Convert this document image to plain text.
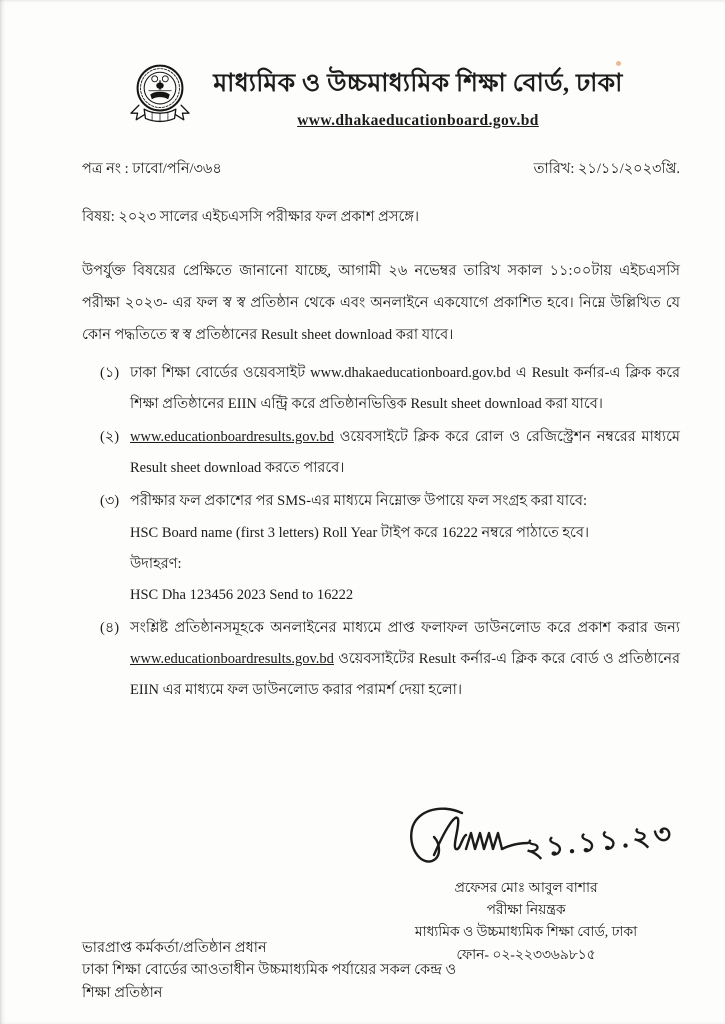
মাধ্যমিক ও উচ্চমাধ্যমিক শিক্ষা বোর্ড, ঢাকা
www.dhakaeducationboard.gov.bd
পত্র নং : ঢাবো/পনি/৩৬৪	তারিখ: ২১/১১/২০২৩খ্রি.
বিষয়: ২০২৩ সালের এইচএসসি পরীক্ষার ফল প্রকাশ প্রসঙ্গে।
উপর্যুক্ত বিষয়ের প্রেক্ষিতে জানানো যাচ্ছে, আগামী ২৬ নভেম্বর তারিখ সকাল ১১:০০টায় এইচএসসি পরীক্ষা ২০২৩- এর ফল স্ব স্ব প্রতিষ্ঠান থেকে এবং অনলাইনে একযোগে প্রকাশিত হবে। নিম্নে উল্লিখিত যে কোন পদ্ধতিতে স্ব স্ব প্রতিষ্ঠানের Result sheet download করা যাবে।
(১) ঢাকা শিক্ষা বোর্ডের ওয়েবসাইট www.dhakaeducationboard.gov.bd এ Result কর্নার-এ ক্লিক করে শিক্ষা প্রতিষ্ঠানের EIIN এন্ট্রি করে প্রতিষ্ঠানভিত্তিক Result sheet download করা যাবে।
(২) www.educationboardresults.gov.bd ওয়েবসাইটে ক্লিক করে রোল ও রেজিস্ট্রেশন নম্বরের মাধ্যমে Result sheet download করতে পারবে।
(৩) পরীক্ষার ফল প্রকাশের পর SMS-এর মাধ্যমে নিম্নোক্ত উপায়ে ফল সংগ্রহ করা যাবে:
HSC Board name (first 3 letters) Roll Year টাইপ করে 16222 নম্বরে পাঠাতে হবে।
উদাহরণ:
HSC Dha 123456 2023 Send to 16222
(৪) সংশ্লিষ্ট প্রতিষ্ঠানসমূহকে অনলাইনের মাধ্যমে প্রাপ্ত ফলাফল ডাউনলোড করে প্রকাশ করার জন্য www.educationboardresults.gov.bd ওয়েবসাইটের Result কর্নার-এ ক্লিক করে বোর্ড ও প্রতিষ্ঠানের EIIN এর মাধ্যমে ফল ডাউনলোড করার পরামর্শ দেয়া হলো।
২১.১১.২৩
প্রফেসর মোঃ আবুল বাশার
পরীক্ষা নিয়ন্ত্রক
মাধ্যমিক ও উচ্চমাধ্যমিক শিক্ষা বোর্ড, ঢাকা
ফোন- ০২-২২৩৩৬৯৮১৫
ভারপ্রাপ্ত কর্মকর্তা/প্রতিষ্ঠান প্রধান
ঢাকা শিক্ষা বোর্ডের আওতাধীন উচ্চমাধ্যমিক পর্যায়ের সকল কেন্দ্র ও
শিক্ষা প্রতিষ্ঠান
